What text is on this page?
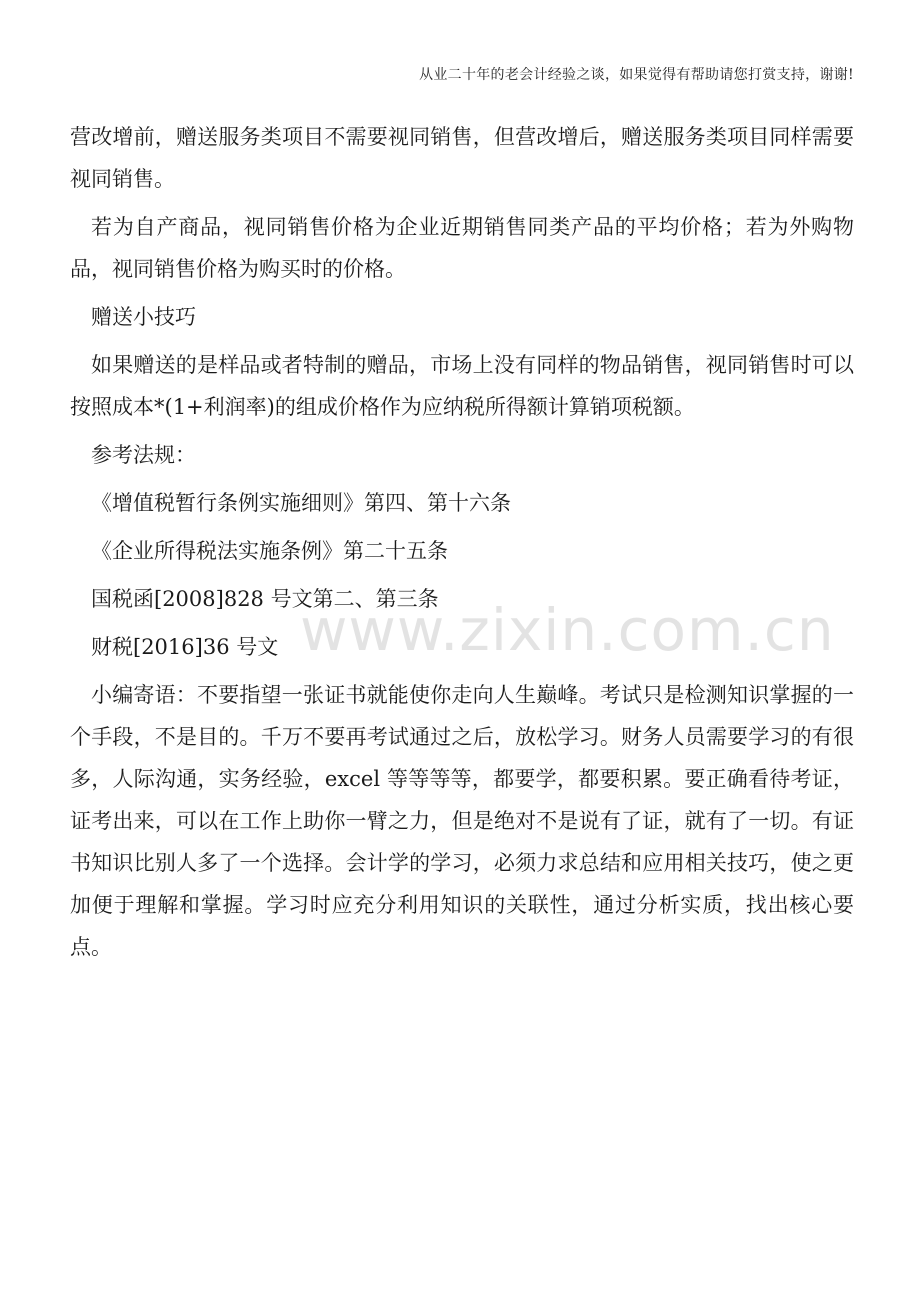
从业二十年的老会计经验之谈，如果觉得有帮助请您打赏支持，谢谢!
www.zixin.com.cn

营改增前，赠送服务类项目不需要视同销售，但营改增后，赠送服务类项目同样需要视同销售。

若为自产商品，视同销售价格为企业近期销售同类产品的平均价格；若为外购物品，视同销售价格为购买时的价格。

赠送小技巧

如果赠送的是样品或者特制的赠品，市场上没有同样的物品销售，视同销售时可以按照成本*(1+利润率)的组成价格作为应纳税所得额计算销项税额。

参考法规：

《增值税暂行条例实施细则》第四、第十六条

《企业所得税法实施条例》第二十五条

国税函[2008]828 号文第二、第三条

财税[2016]36 号文

小编寄语：不要指望一张证书就能使你走向人生巅峰。考试只是检测知识掌握的一个手段，不是目的。千万不要再考试通过之后，放松学习。财务人员需要学习的有很多，人际沟通，实务经验，excel 等等等等，都要学，都要积累。要正确看待考证，证考出来，可以在工作上助你一臂之力，但是绝对不是说有了证，就有了一切。有证书知识比别人多了一个选择。会计学的学习，必须力求总结和应用相关技巧，使之更加便于理解和掌握。学习时应充分利用知识的关联性，通过分析实质，找出核心要点。
